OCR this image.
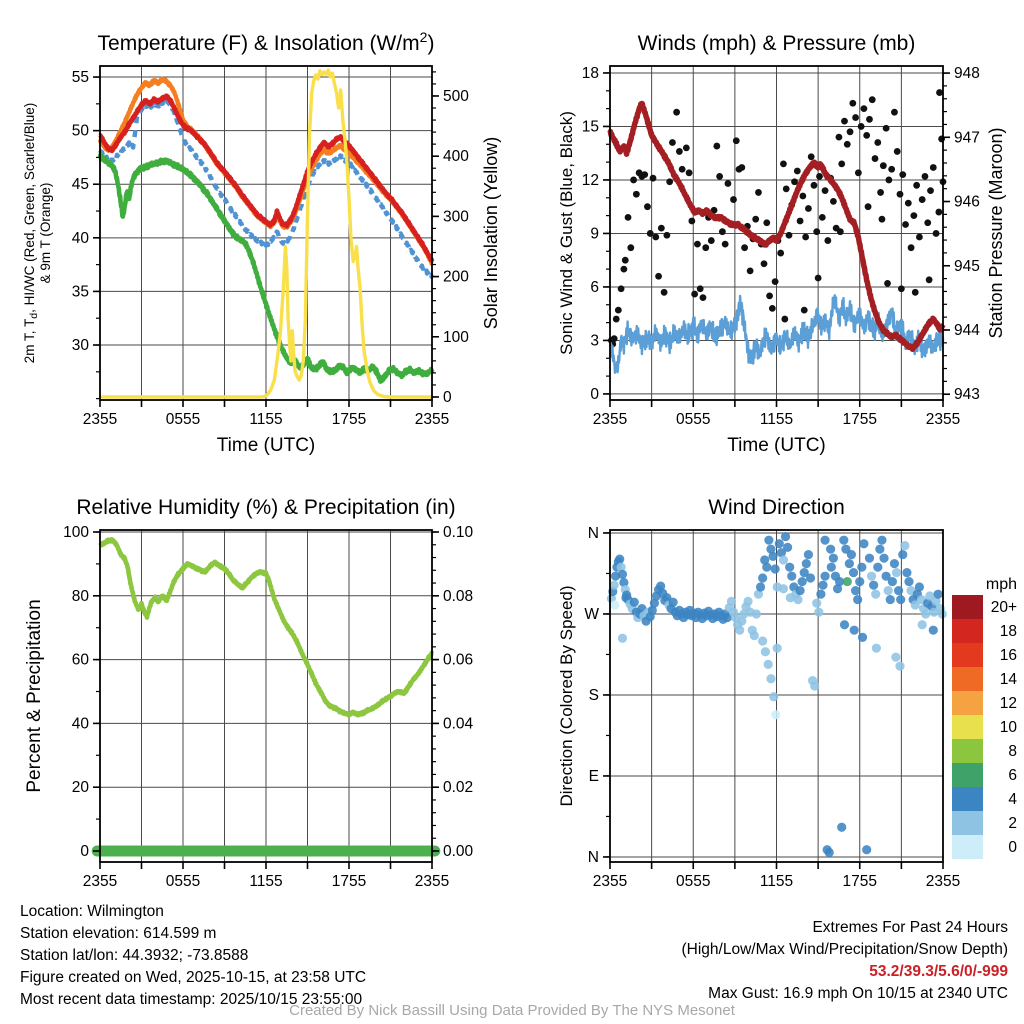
2355	0555	1155	1755	2355
30
35
40
45
50
55
0
100
200
300
400
500
Temperature (F) & Insolation $(W/m^2)$
Time (UTC)
2m T, $T_d$, HI/WC (Red, Green, Scarlet/Blue) & 9m T (Orange)	Solar Insolation (Yellow)
2355	0555	1155	1755	2355
0
3
6
9
12
15
18
943
944
945
946
947
948
Winds (mph) & Pressure (mb)
Time (UTC)
Sonic Wind & Gust (Blue, Black)	Station Pressure (Maroon)
2355	0555	1155	1755	2355
0
20
40
60
80
100
0.00
0.02
0.04
0.06
0.08
0.10
Relative Humidity (%) & Precipitation (in)
Percent & Precipitation
2355	0555	1155	1755	2355
N
W
S
E
N
Wind Direction
Direction (Colored By Speed)
mph
20+
18
16
14
12
10
8
6
4
2
0
Location: Wilmington
Station elevation: 614.599 m
Station lat/lon: 44.3932; -73.8588
Figure created on Wed, 2025-10-15, at 23:58 UTC
Most recent data timestamp: 2025/10/15 23:55:00
Extremes For Past 24 Hours
(High/Low/Max Wind/Precipitation/Snow Depth)
53.2/39.3/5.6/0/-999
Max Gust: 16.9 mph On 10/15 at 2340 UTC
Created By Nick Bassill Using Data Provided By The NYS Mesonet
